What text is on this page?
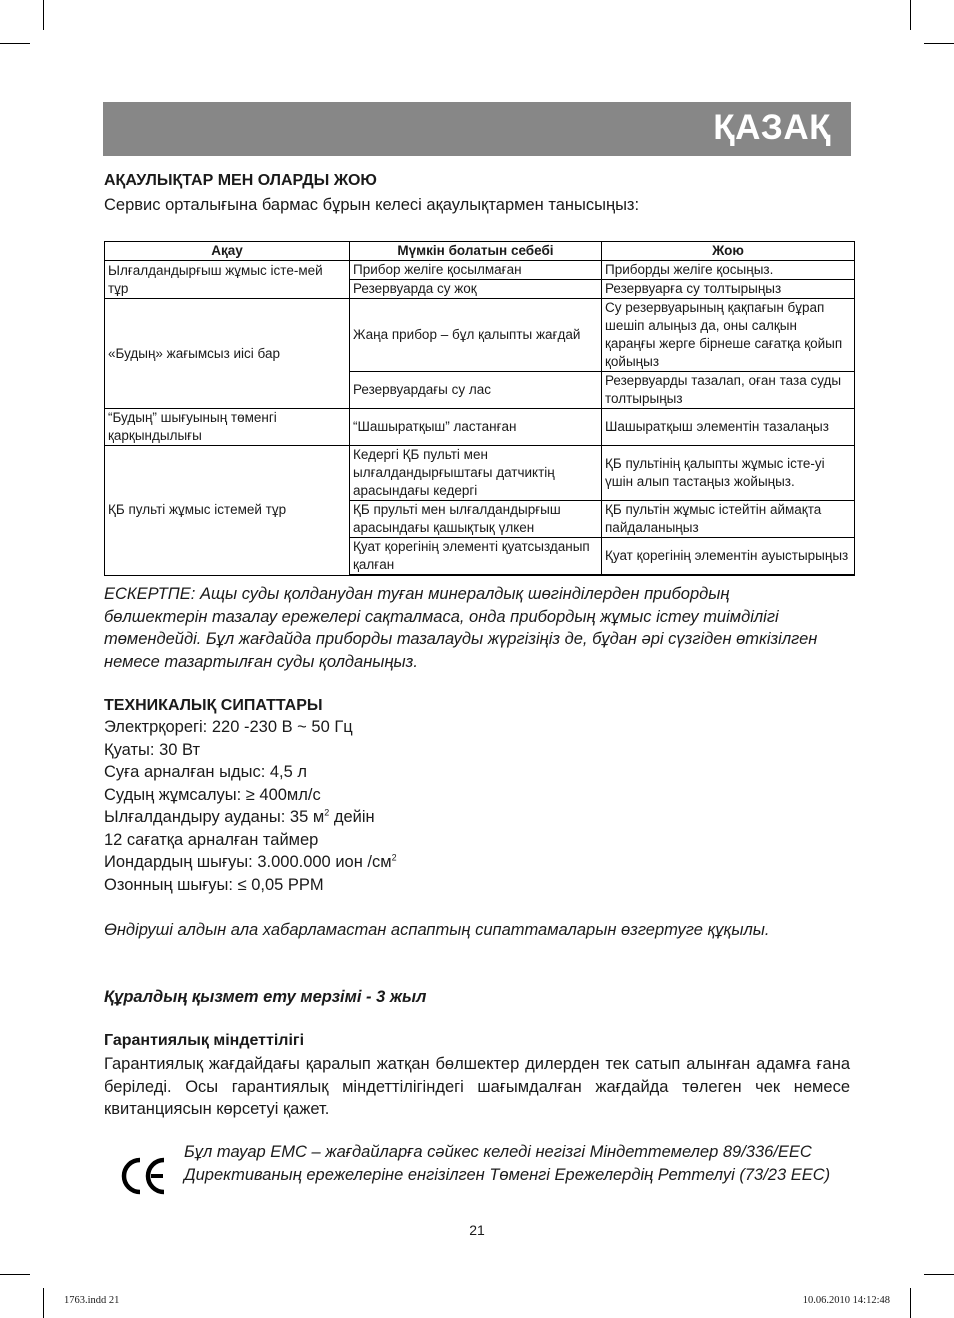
ҚАЗАҚ
АҚАУЛЫҚТАР МЕН ОЛАРДЫ ЖОЮ
Сервис орталығына бармас бұрын келесі ақаулықтармен танысыңыз:
Ақау	Мүмкін болатын себебі	Жою
Ылғалдандырғыш жұмыс істе-мей тұр	Прибор желіге қосылмаған	Приборды желіге қосыңыз.
	Резервуарда су жоқ	Резервуарға су толтырыңыз
«Будың» жағымсыз иісі бар	Жаңа прибор – бұл қалыпты жағдай	Су резервуарының қақпағын бұрап шешіп алыңыз да, оны салқын қараңғы жерге бірнеше сағатқа қойып қойыңыз
	Резервуардағы су лас	Резервуарды тазалап, оған таза суды толтырыңыз
“Будың” шығуының төменгі қарқындылығы	“Шашыратқыш” ластанған	Шашыратқыш элементін тазалаңыз
ҚБ пульті жұмыс істемей тұр	Кедергі ҚБ пульті мен ылғалдандырғыштағы датчиктің арасындағы кедергі	ҚБ пультінің қалыпты жұмыс істе-уі үшін алып тастаңыз жойыңыз.
	ҚБ прульті мен ылғалдандырғыш арасындағы қашықтық үлкен	ҚБ пультін жұмыс істейтін аймақта пайдаланыңыз
	Қуат қорегінің элементі қуатсызданып қалған	Қуат қорегінің элементін ауыстырыңыз
ЕСКЕРТПЕ: Ащы суды қолданудан туған минералдық шөгінділерден прибордың бөлшектерін тазалау ережелері сақталмаса, онда прибордың жұмыс істеу тиімділігі төмендейді. Бұл жағдайда приборды тазалауды жүргізіңіз де, бұдан әрі сүзгіден өткізілген немесе тазартылған суды қолданыңыз.
ТЕХНИКАЛЫҚ СИПАТТАРЫ
Электрқорегі: 220 -230 В ~ 50 Гц
Қуаты: 30 Вт
Суға арналған ыдыс: 4,5 л
Судың жұмсалуы: ≥ 400мл/с
Ылғалдандыру ауданы: 35 $м^2$ дейін
12 сағатқа арналған таймер
Иондардың шығуы: 3.000.000 ион $/см^2$
Озонның шығуы: ≤ 0,05 PPM
Өндіруші алдын ала хабарламастан аспаптың сипаттамаларын өзгертуге құқылы.
Құралдың қызмет ету мерзімі - 3 жыл
Гарантиялық міндеттілігі
Гарантиялық жағдайдағы қаралып жатқан бөлшектер дилерден тек сатып алынған адамға ғана беріледі. Осы гарантиялық міндеттілігіндегі шағымдалған жағдайда төлеген чек немесе квитанциясын көрсетуі қажет.
Бұл тауар ЕМС – жағдайларға сәйкес келеді негізгі Міндеттемелер 89/336/EEC Директиваның ережелеріне енгізілген Төменгі Ережелердің Реттелуі (73/23 EEC)
21
1763.indd 21	10.06.2010 14:12:48
